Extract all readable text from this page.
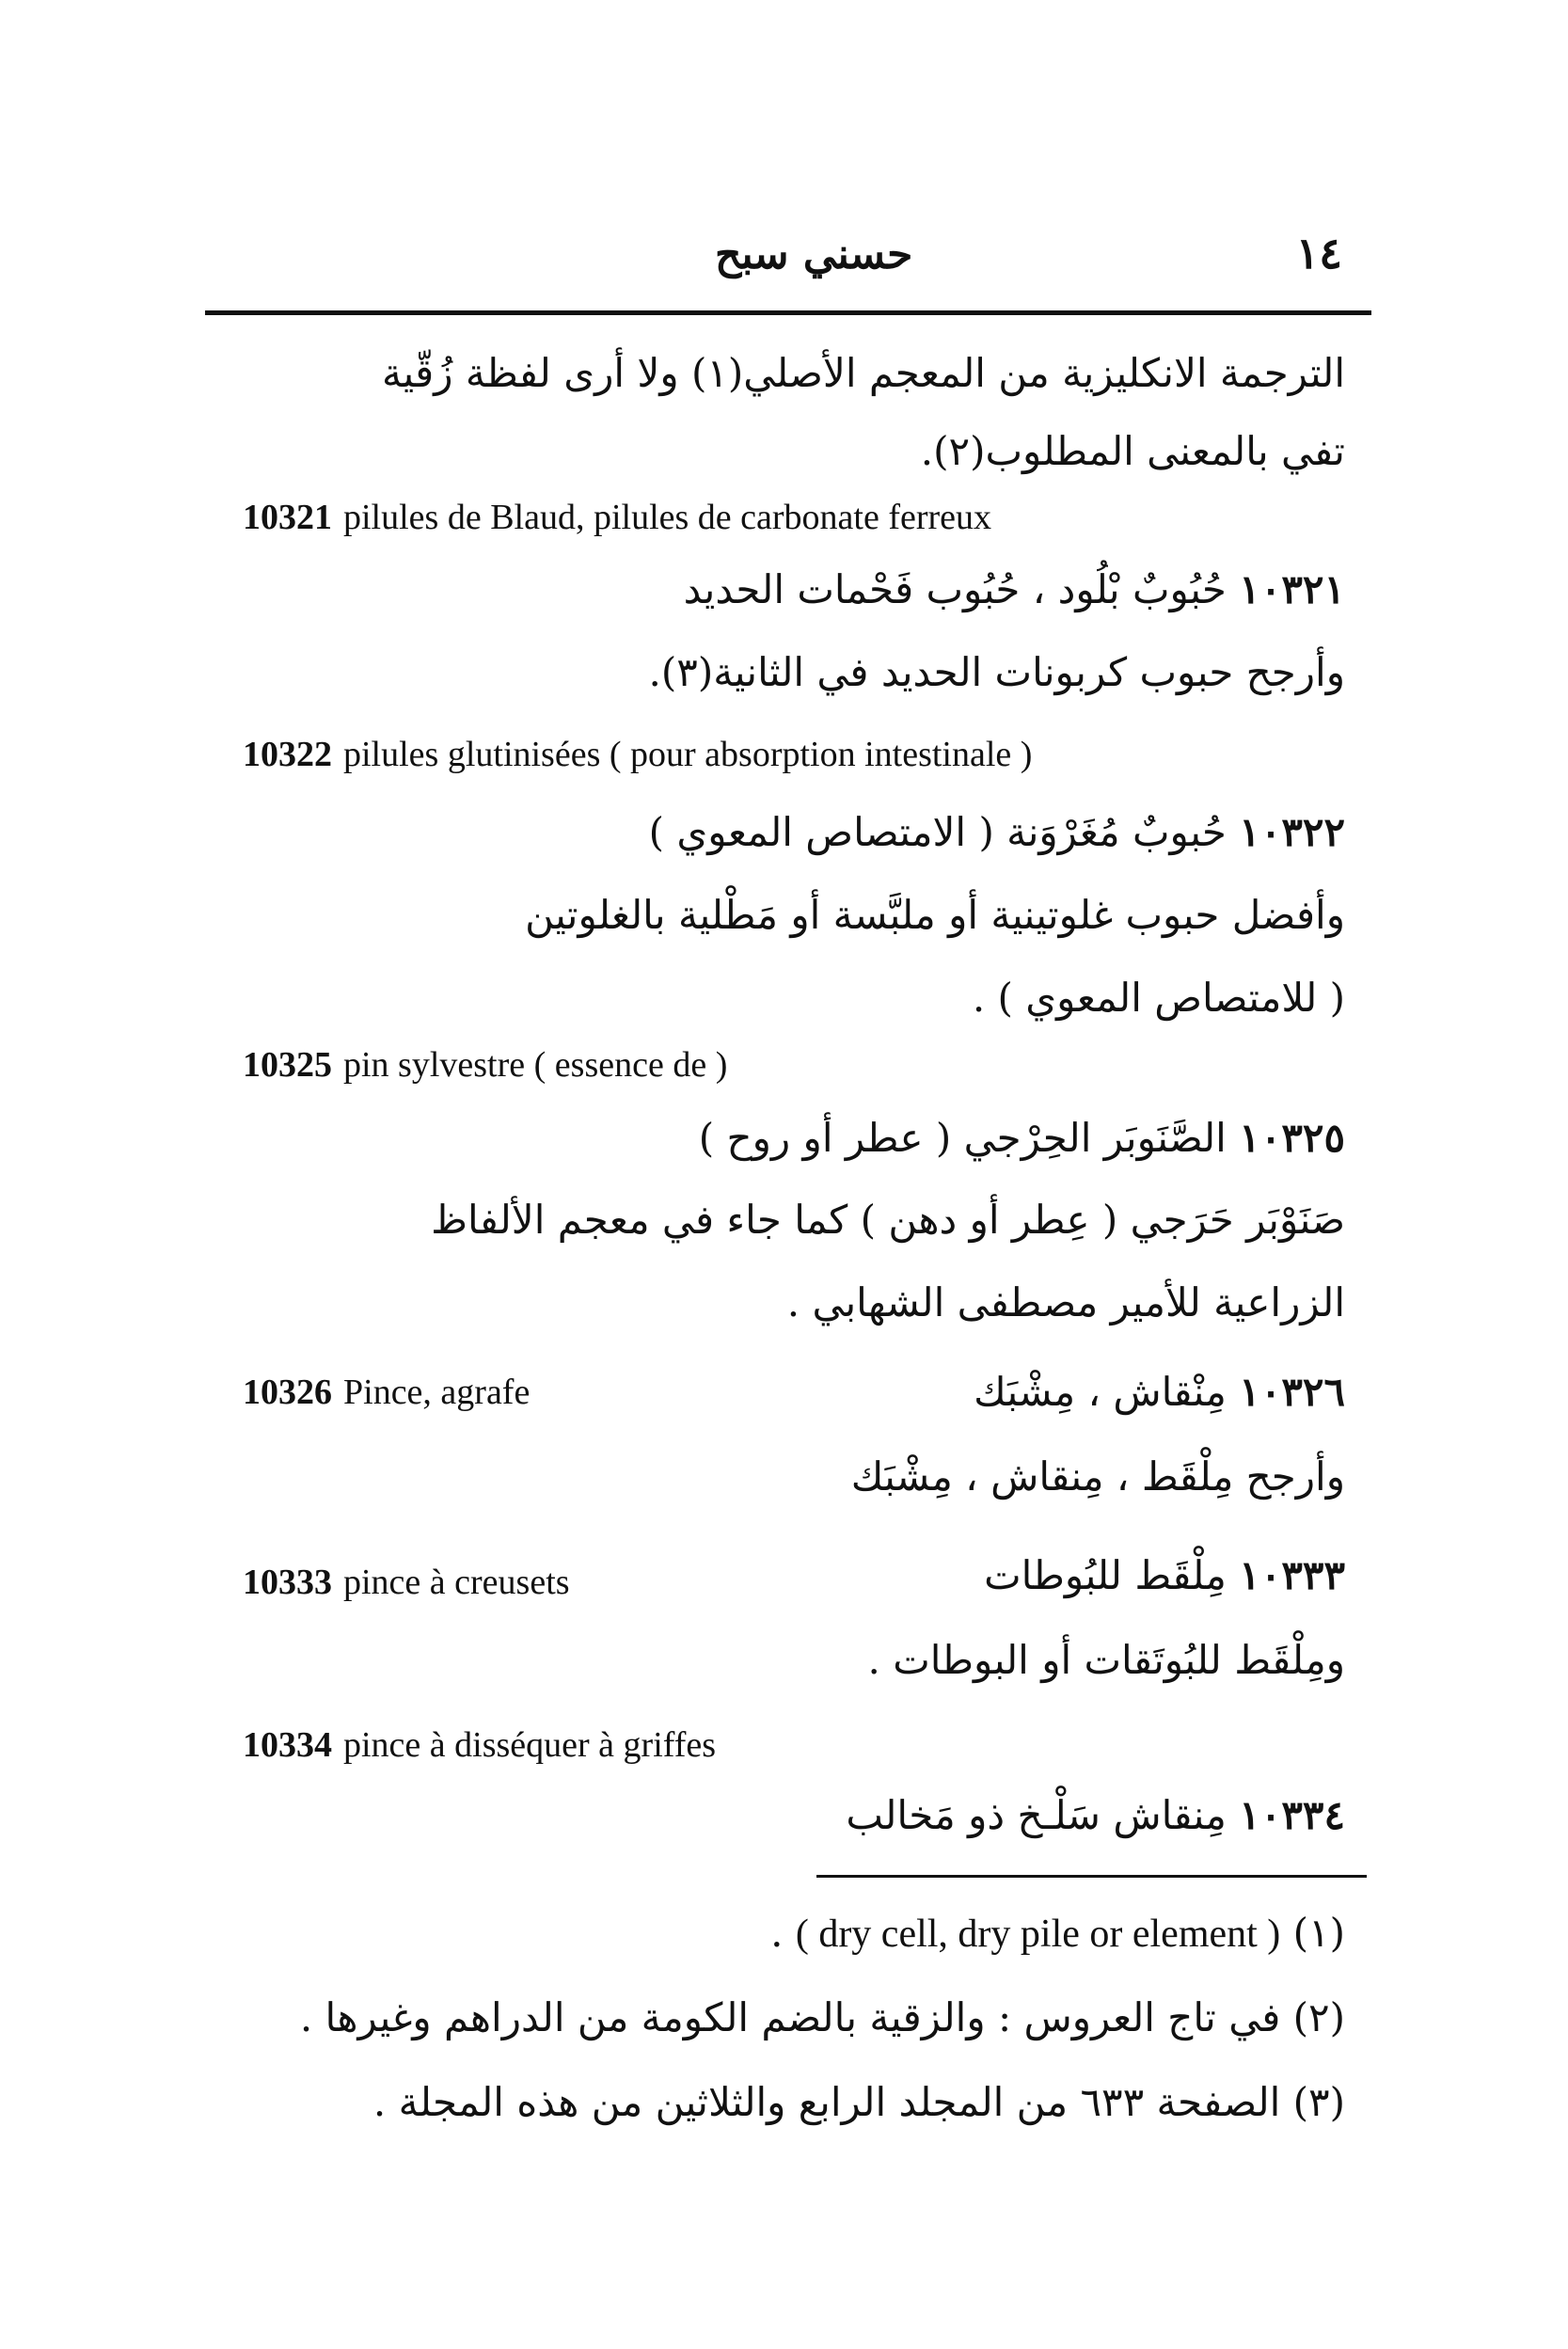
حسني سبح	١٤
الترجمة الانكليزية من المعجم الأصلي(١) ولا أرى لفظة زُقّية
تفي بالمعنى المطلوب(٢).
10321 pilules de Blaud, pilules de carbonate ferreux
١٠٣٢١ حُبُوبٌ بْلُود ، حُبُوب فَحْمات الحديد
وأرجح حبوب كربونات الحديد في الثانية(٣).
10322 pilules glutinisées ( pour absorption intestinale )
١٠٣٢٢ حُبوبٌ مُغَرْوَنة ( الامتصاص المعوي )
وأفضل حبوب غلوتينية أو ملبَّسة أو مَطْلية بالغلوتين
( للامتصاص المعوي ) .
10325 pin sylvestre ( essence de )
١٠٣٢٥ الصَّنَوبَر الحِرْجي ( عطر أو روح )
صَنَوْبَر حَرَجي ( عِطر أو دهن ) كما جاء في معجم الألفاظ
الزراعية للأمير مصطفى الشهابي .
10326 Pince, agrafe	١٠٣٢٦ مِنْقاش ، مِشْبَك
وأرجح مِلْقَط ، مِنقاش ، مِشْبَك
10333 pince à creusets	١٠٣٣٣ مِلْقَط للبُوطات
ومِلْقَط للبُوتَقات أو البوطات .
10334 pince à disséquer à griffes
١٠٣٣٤ مِنقاش سَلْـخ ذو مَخالب
(١) ( dry cell, dry pile or element ) .
(٢) في تاج العروس : والزقية بالضم الكومة من الدراهم وغيرها .
(٣) الصفحة ٦٣٣ من المجلد الرابع والثلاثين من هذه المجلة .
